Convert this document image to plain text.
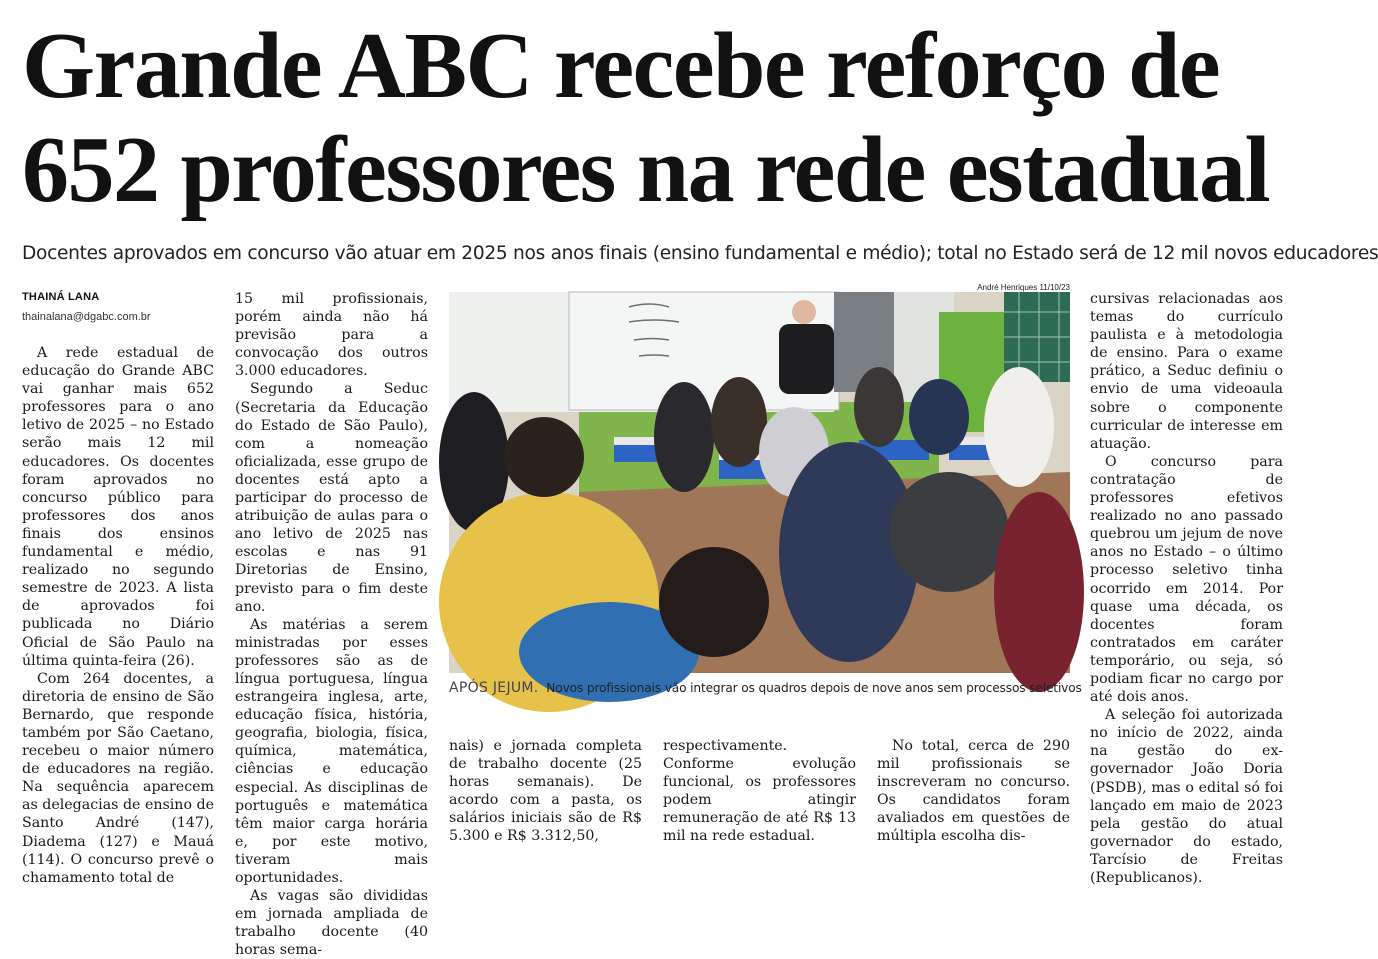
Grande ABC recebe reforço de
652 professores na rede estadual
Docentes aprovados em concurso vão atuar em 2025 nos anos finais (ensino fundamental e médio); total no Estado será de 12 mil novos educadores
THAINÁ LANA
thainalana@dgabc.com.br

A rede estadual de educação do Grande ABC vai ganhar mais 652 professores para o ano letivo de 2025 – no Estado serão mais 12 mil educadores. Os docentes foram aprovados no concurso público para professores dos anos finais dos ensinos fundamental e médio, realizado no segundo semestre de 2023. A lista de aprovados foi publicada no Diário Oficial de São Paulo na última quinta-feira (26).

Com 264 docentes, a diretoria de ensino de São Bernardo, que responde também por São Caetano, recebeu o maior número de educadores na região. Na sequência aparecem as delegacias de ensino de Santo André (147), Diadema (127) e Mauá (114). O concurso prevê o chamamento total de

15 mil profissionais, porém ainda não há previsão para a convocação dos outros 3.000 educadores.

Segundo a Seduc (Secretaria da Educação do Estado de São Paulo), com a nomeação oficializada, esse grupo de docentes está apto a participar do processo de atribuição de aulas para o ano letivo de 2025 nas escolas e nas 91 Diretorias de Ensino, previsto para o fim deste ano.

As matérias a serem ministradas por esses professores são as de língua portuguesa, língua estrangeira inglesa, arte, educação física, história, geografia, biologia, física, química, matemática, ciências e educação especial. As disciplinas de português e matemática têm maior carga horária e, por este motivo, tiveram mais oportunidades.

As vagas são divididas em jornada ampliada de trabalho docente (40 horas sema-

André Henriques 11/10/23
APÓS JEJUM. Novos profissionais vão integrar os quadros depois de nove anos sem processos seletivos

nais) e jornada completa de trabalho docente (25 horas semanais). De acordo com a pasta, os salários iniciais são de R$ 5.300 e R$ 3.312,50,

respectivamente. Conforme evolução funcional, os professores podem atingir remuneração de até R$ 13 mil na rede estadual.

No total, cerca de 290 mil profissionais se inscreveram no concurso. Os candidatos foram avaliados em questões de múltipla escolha dis-

cursivas relacionadas aos temas do currículo paulista e à metodologia de ensino. Para o exame prático, a Seduc definiu o envio de uma videoaula sobre o componente curricular de interesse em atuação.

O concurso para contratação de professores efetivos realizado no ano passado quebrou um jejum de nove anos no Estado – o último processo seletivo tinha ocorrido em 2014. Por quase uma década, os docentes foram contratados em caráter temporário, ou seja, só podiam ficar no cargo por até dois anos.

A seleção foi autorizada no início de 2022, ainda na gestão do ex-governador João Doria (PSDB), mas o edital só foi lançado em maio de 2023 pela gestão do atual governador do estado, Tarcísio de Freitas (Republicanos).
